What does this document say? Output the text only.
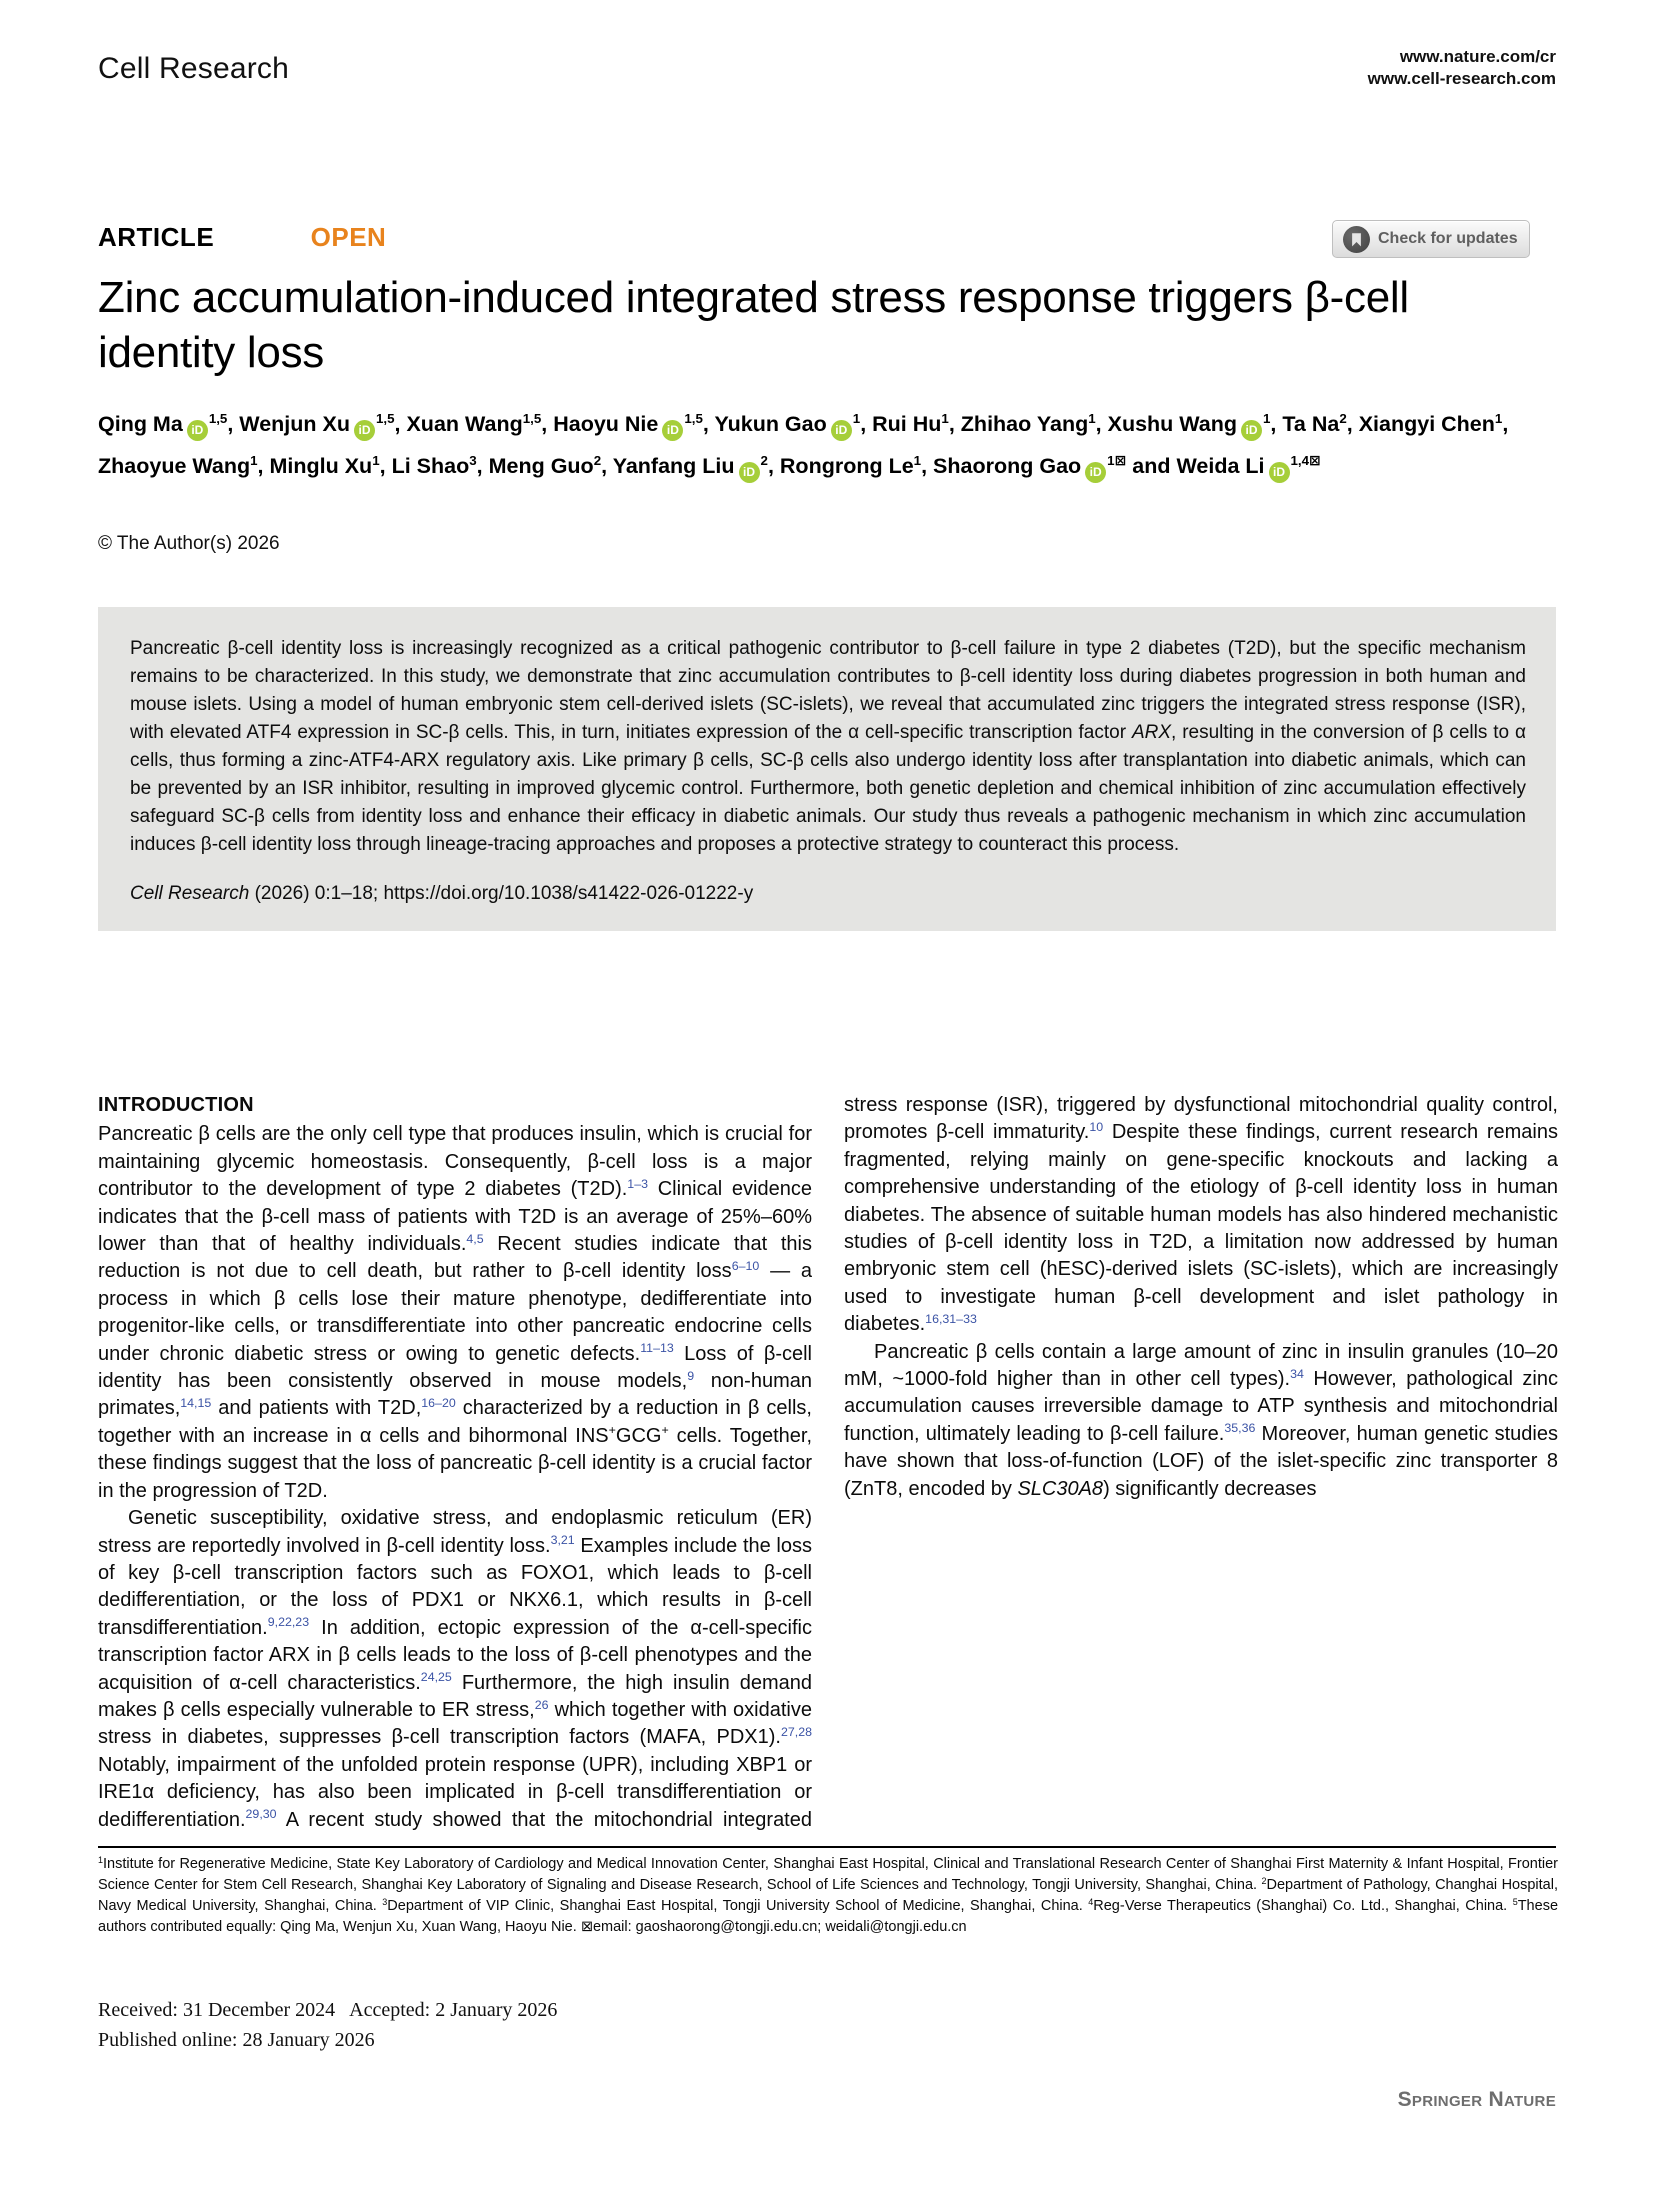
Cell Research	www.nature.com/cr
www.cell-research.com
ARTICLE	OPEN	Check for updates
Zinc accumulation-induced integrated stress response triggers β-cell identity loss
Qing Ma iD$^{1,5}$, Wenjun Xu iD$^{1,5}$, Xuan Wang$^{1,5}$, Haoyu Nie iD$^{1,5}$, Yukun Gao $iD^1$, Rui Hu$^1$, Zhihao Yang$^1$, Xushu Wang $iD^1$, Ta Na$^2$, Xiangyi Chen$^1$, Zhaoyue Wang$^1$, Minglu Xu$^1$, Li Shao$^3$, Meng Guo$^2$, Yanfang Liu $iD^2$, Rongrong Le$^1$, Shaorong Gao $iD^{1⊠}$ and Weida Li $iD^{1,4⊠}$
© The Author(s) 2026

Pancreatic β-cell identity loss is increasingly recognized as a critical pathogenic contributor to β-cell failure in type 2 diabetes (T2D), but the specific mechanism remains to be characterized. In this study, we demonstrate that zinc accumulation contributes to β-cell identity loss during diabetes progression in both human and mouse islets. Using a model of human embryonic stem cell-derived islets (SC-islets), we reveal that accumulated zinc triggers the integrated stress response (ISR), with elevated ATF4 expression in SC-β cells. This, in turn, initiates expression of the α cell-specific transcription factor ARX, resulting in the conversion of β cells to α cells, thus forming a zinc-ATF4-ARX regulatory axis. Like primary β cells, SC-β cells also undergo identity loss after transplantation into diabetic animals, which can be prevented by an ISR inhibitor, resulting in improved glycemic control. Furthermore, both genetic depletion and chemical inhibition of zinc accumulation effectively safeguard SC-β cells from identity loss and enhance their efficacy in diabetic animals. Our study thus reveals a pathogenic mechanism in which zinc accumulation induces β-cell identity loss through lineage-tracing approaches and proposes a protective strategy to counteract this process.

Cell Research (2026) 0:1–18; https://doi.org/10.1038/s41422-026-01222-y

INTRODUCTION

Pancreatic β cells are the only cell type that produces insulin, which is crucial for maintaining glycemic homeostasis. Consequently, β-cell loss is a major contributor to the development of type 2 diabetes (T2D).$^{1-3}$ Clinical evidence indicates that the β-cell mass of patients with T2D is an average of 25%–60% lower than that of healthy individuals.$^{4,5}$ Recent studies indicate that this reduction is not due to cell death, but rather to β-cell identity loss$^{6-10}$ — a process in which β cells lose their mature phenotype, dedifferentiate into progenitor-like cells, or transdifferentiate into other pancreatic endocrine cells under chronic diabetic stress or owing to genetic defects.$^{11-13}$ Loss of β-cell identity has been consistently observed in mouse models,$^9$ non-human primates,$^{14,15}$ and patients with T2D,$^{16-20}$ characterized by a reduction in β cells, together with an increase in α cells and bihormonal INS+GCG+ cells. Together, these findings suggest that the loss of pancreatic β-cell identity is a crucial factor in the progression of T2D.

Genetic susceptibility, oxidative stress, and endoplasmic reticulum (ER) stress are reportedly involved in β-cell identity loss.$^{3,21}$ Examples include the loss of key β-cell transcription factors such as FOXO1, which leads to β-cell dedifferentiation, or the loss of PDX1 or NKX6.1, which results in β-cell transdifferentiation.$^{9,22,23}$ In addition, ectopic expression of the α-cell-specific transcription factor ARX in β cells leads to the loss of β-cell phenotypes and the acquisition of α-cell characteristics.$^{24,25}$ Furthermore, the high insulin demand makes β cells especially vulnerable to ER stress,$^{26}$ which together with oxidative stress in diabetes, suppresses β-cell transcription factors (MAFA, PDX1).$^{27,28}$ Notably, impairment of the unfolded protein response (UPR), including XBP1 or IRE1α deficiency, has also been implicated in β-cell transdifferentiation or dedifferentiation.$^{29,30}$ A recent study showed that the mitochondrial integrated stress response (ISR), triggered by dysfunctional mitochondrial quality control, promotes β-cell immaturity.$^{10}$ Despite these findings, current research remains fragmented, relying mainly on gene-specific knockouts and lacking a comprehensive understanding of the etiology of β-cell identity loss in human diabetes. The absence of suitable human models has also hindered mechanistic studies of β-cell identity loss in T2D, a limitation now addressed by human embryonic stem cell (hESC)-derived islets (SC-islets), which are increasingly used to investigate human β-cell development and islet pathology in diabetes.$^{16,31-33}$

Pancreatic β cells contain a large amount of zinc in insulin granules (10–20 mM, ~1000-fold higher than in other cell types).$^{34}$ However, pathological zinc accumulation causes irreversible damage to ATP synthesis and mitochondrial function, ultimately leading to β-cell failure.$^{35,36}$ Moreover, human genetic studies have shown that loss-of-function (LOF) of the islet-specific zinc transporter 8 (ZnT8, encoded by SLC30A8) significantly decreases

$^1$Institute for Regenerative Medicine, State Key Laboratory of Cardiology and Medical Innovation Center, Shanghai East Hospital, Clinical and Translational Research Center of Shanghai First Maternity & Infant Hospital, Frontier Science Center for Stem Cell Research, Shanghai Key Laboratory of Signaling and Disease Research, School of Life Sciences and Technology, Tongji University, Shanghai, China. $^2$Department of Pathology, Changhai Hospital, Navy Medical University, Shanghai, China. $^3$Department of VIP Clinic, Shanghai East Hospital, Tongji University School of Medicine, Shanghai, China. $^4$Reg-Verse Therapeutics (Shanghai) Co. Ltd., Shanghai, China. $^5$These authors contributed equally: Qing Ma, Wenjun Xu, Xuan Wang, Haoyu Nie. ⊠email: gaoshaorong@tongji.edu.cn; weidali@tongji.edu.cn
Received: 31 December 2024 Accepted: 2 January 2026
Published online: 28 January 2026
Springer Nature
